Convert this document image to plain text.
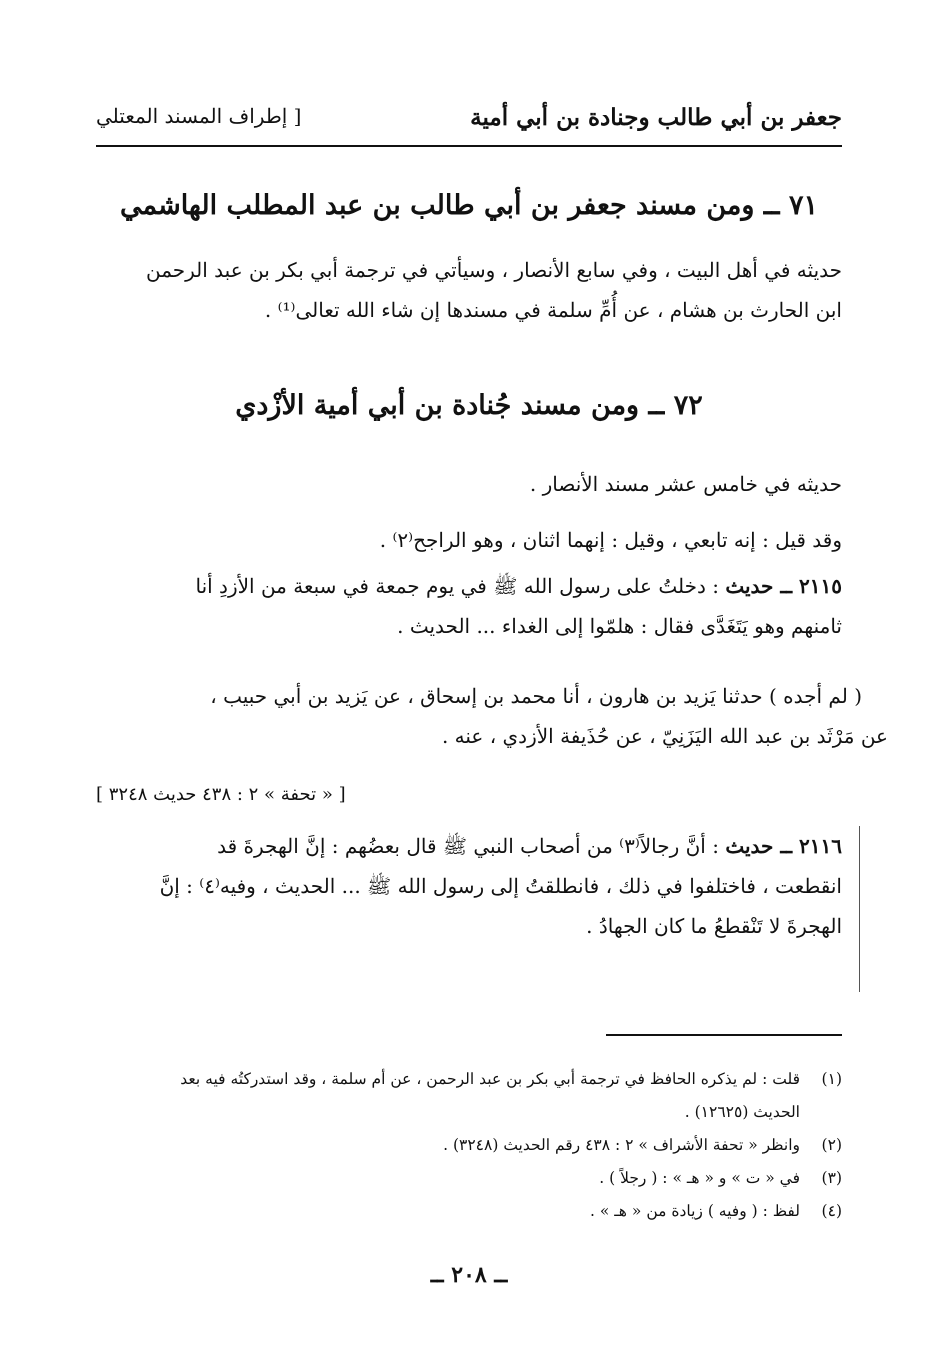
جعفر بن أبي طالب وجنادة بن أبي أمية
[ إطراف المسند المعتلي
٧١ ــ ومن مسند جعفر بن أبي طالب بن عبد المطلب الهاشمي
حديثه في أهل البيت ، وفي سابع الأنصار ، وسيأتي في ترجمة أبي بكر بن عبد الرحمن
ابن الحارث بن هشام ، عن أُمِّ سلمة في مسندها إن شاء الله تعالى⁽¹⁾ .
٧٢ ــ ومن مسند جُنادة بن أبي أمية الأزْدي
حديثه في خامس عشر مسند الأنصار .
وقد قيل : إنه تابعي ، وقيل : إنهما اثنان ، وهو الراجح⁽٢⁾ .
٢١١٥ ــ حديث : دخلتُ على رسول الله ﷺ في يوم جمعة في سبعة من الأزدِ أنا
ثامنهم وهو يَتَغَدَّى فقال : هلمّوا إلى الغداء ... الحديث .
( لم أجده ) حدثنا يَزيد بن هارون ، أنا محمد بن إسحاق ، عن يَزيد بن أبي حبيب ،
عن مَرْثَد بن عبد الله اليَزَنِيّ ، عن حُذَيفة الأزدي ، عنه .
[ « تحفة » ٢ : ٤٣٨ حديث ٣٢٤٨ ]
٢١١٦ ــ حديث : أنَّ رجالاً⁽٣⁾ من أصحاب النبي ﷺ قال بعضُهم : إنَّ الهجرةَ قد
انقطعت ، فاختلفوا في ذلك ، فانطلقتُ إلى رسول الله ﷺ ... الحديث ، وفيه⁽٤⁾ : إنَّ
الهجرةَ لا تَنْقطعُ ما كان الجهادُ .
(١)
قلت : لم يذكره الحافظ في ترجمة أبي بكر بن عبد الرحمن ، عن أم سلمة ، وقد استدركتُه فيه بعد
الحديث (١٢٦٢٥) .
(٢)
وانظر « تحفة الأشراف » ٢ : ٤٣٨ رقم الحديث (٣٢٤٨) .
(٣)
في « ت » و « هـ » : ( رجلاً ) .
(٤)
لفظ : ( وفيه ) زيادة من « هـ » .
ــ ٢٠٨ ــ
